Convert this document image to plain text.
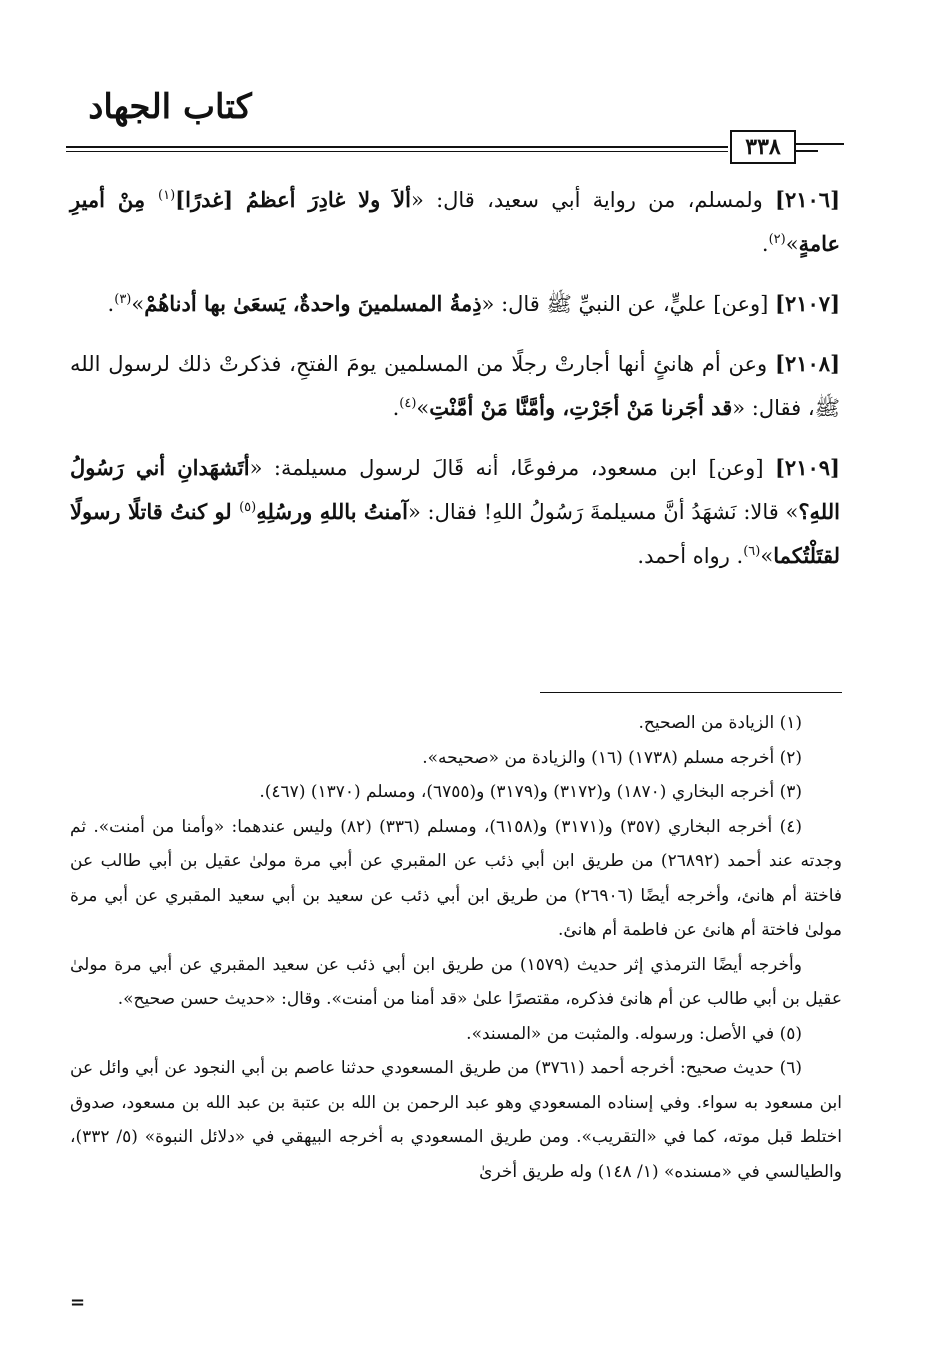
كتاب الجهاد
٣٣٨

[٢١٠٦] ولمسلم، من رواية أبي سعيد، قال: «ألاَ ولا غادِرَ أعظمُ [غدرًا]$^{(١)}$ مِنْ أميرِ عامةٍ»$^{(٢)}$.

[٢١٠٧] [وعن] عليٍّ، عن النبيِّ ﷺ قال: «ذِمةُ المسلمينَ واحدةٌ، يَسعَىٰ بها أدناهُمْ»$^{(٣)}$.

[٢١٠٨] وعن أم هانئٍ أنها أجارتْ رجلًا من المسلمين يومَ الفتحِ، فذكرتْ ذلك لرسول الله ﷺ، فقال: «قد أجَرنا مَنْ أجَرْتِ، وأمَّنَّا مَنْ أمَّنْتِ»$^{(٤)}$.

[٢١٠٩] [وعن] ابن مسعود، مرفوعًا، أنه قَالَ لرسول مسيلمة: «أتَشهَدانِ أني رَسُولُ اللهِ؟» قالا: نَشهَدُ أنَّ مسيلمةَ رَسُولُ اللهِ! فقال: «آمنتُ باللهِ ورسُلِهِ$^{(٥)}$ لو كنتُ قاتلًا رسولًا لقتَلْتُكما»$^{(٦)}$. رواه أحمد.

(١) الزيادة من الصحيح.

(٢) أخرجه مسلم (١٧٣٨) (١٦) والزيادة من «صحيحه».

(٣) أخرجه البخاري (١٨٧٠) و(٣١٧٢) و(٣١٧٩) و(٦٧٥٥)، ومسلم (١٣٧٠) (٤٦٧).

(٤) أخرجه البخاري (٣٥٧) و(٣١٧١) و(٦١٥٨)، ومسلم (٣٣٦) (٨٢) وليس عندهما: «وأمنا من أمنت». ثم وجدته عند أحمد (٢٦٨٩٢) من طريق ابن أبي ذئب عن المقبري عن أبي مرة مولىٰ عقيل بن أبي طالب عن فاختة أم هانئ، وأخرجه أيضًا (٢٦٩٠٦) من طريق ابن أبي ذئب عن سعيد بن أبي سعيد المقبري عن أبي مرة مولىٰ فاختة أم هانئ عن فاطمة أم هانئ.

وأخرجه أيضًا الترمذي إثر حديث (١٥٧٩) من طريق ابن أبي ذئب عن سعيد المقبري عن أبي مرة مولىٰ عقيل بن أبي طالب عن أم هانئ فذكره، مقتصرًا علىٰ «قد أمنا من أمنت». وقال: «حديث حسن صحيح».

(٥) في الأصل: ورسوله. والمثبت من «المسند».

(٦) حديث صحيح: أخرجه أحمد (٣٧٦١) من طريق المسعودي حدثنا عاصم بن أبي النجود عن أبي وائل عن ابن مسعود به سواء. وفي إسناده المسعودي وهو عبد الرحمن بن الله بن عتبة بن عبد الله بن مسعود، صدوق اختلط قبل موته، كما في «التقريب». ومن طريق المسعودي به أخرجه البيهقي في «دلائل النبوة» (٥/ ٣٣٢)، والطيالسي في «مسنده» (١/ ١٤٨) وله طريق أخرىٰ

=
